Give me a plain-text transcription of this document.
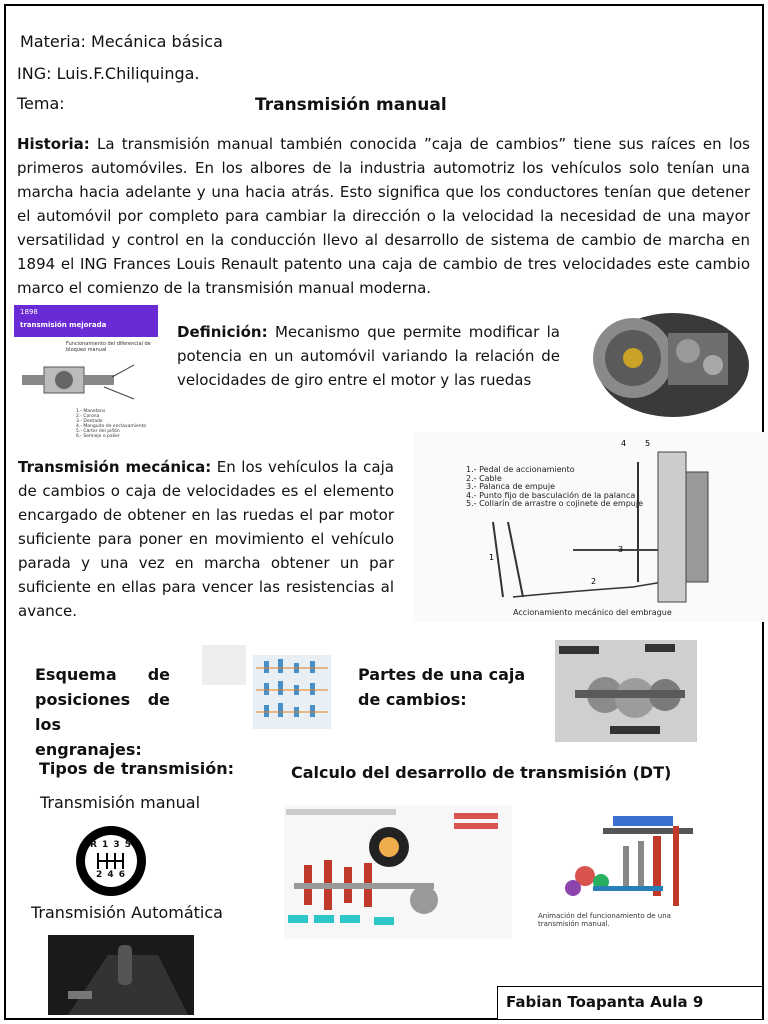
Materia: Mecánica básica
ING: Luis.F.Chiliquinga.
Tema:	Transmisión manual
Historia: La transmisión manual también conocida ”caja de cambios” tiene sus raíces en los primeros automóviles. En los albores de la industria automotriz los vehículos solo tenían una marcha hacia adelante y una hacia atrás. Esto significa que los conductores tenían que detener el automóvil por completo para cambiar la dirección o la velocidad la necesidad de una mayor versatilidad y control en la conducción llevo al desarrollo de sistema de cambio de marcha en 1894 el ING Frances Louis Renault patento una caja de cambio de tres velocidades este cambio marco el comienzo de la transmisión manual moderna.
1898
transmisión mejorada
Funcionamiento del diferencial de bloqueo manual
1.- Manetons
2.- Corona
3.- Dentado
4.- Manguito de enclavamiento
5.- Cárter del piñón
6.- Semieje o palier
Definición: Mecanismo que permite modificar la potencia en un automóvil variando la relación de velocidades de giro entre el motor y las ruedas
Transmisión mecánica: En los vehículos la caja de cambios o caja de velocidades es el elemento encargado de obtener en las ruedas el par motor suficiente para poner en movimiento el vehículo parada y una vez en marcha obtener un par suficiente en ellas para vencer las resistencias al avance.
1.- Pedal de accionamiento
2.- Cable
3.- Palanca de empuje
4.- Punto fijo de basculación de la palanca
5.- Collarín de arrastre o cojinete de empuje
1
2
3
4 5
Accionamiento mecánico del embrague
Esquema de posiciones de los engranajes:
Partes de una caja de cambios:
Tipos de transmisión:
Transmisión manual
R 1 3 5
2 4 6
Transmisión Automática
Calculo del desarrollo de transmisión (DT)
Animación del funcionamiento de una transmisión manual.
Fabian Toapanta Aula 9
